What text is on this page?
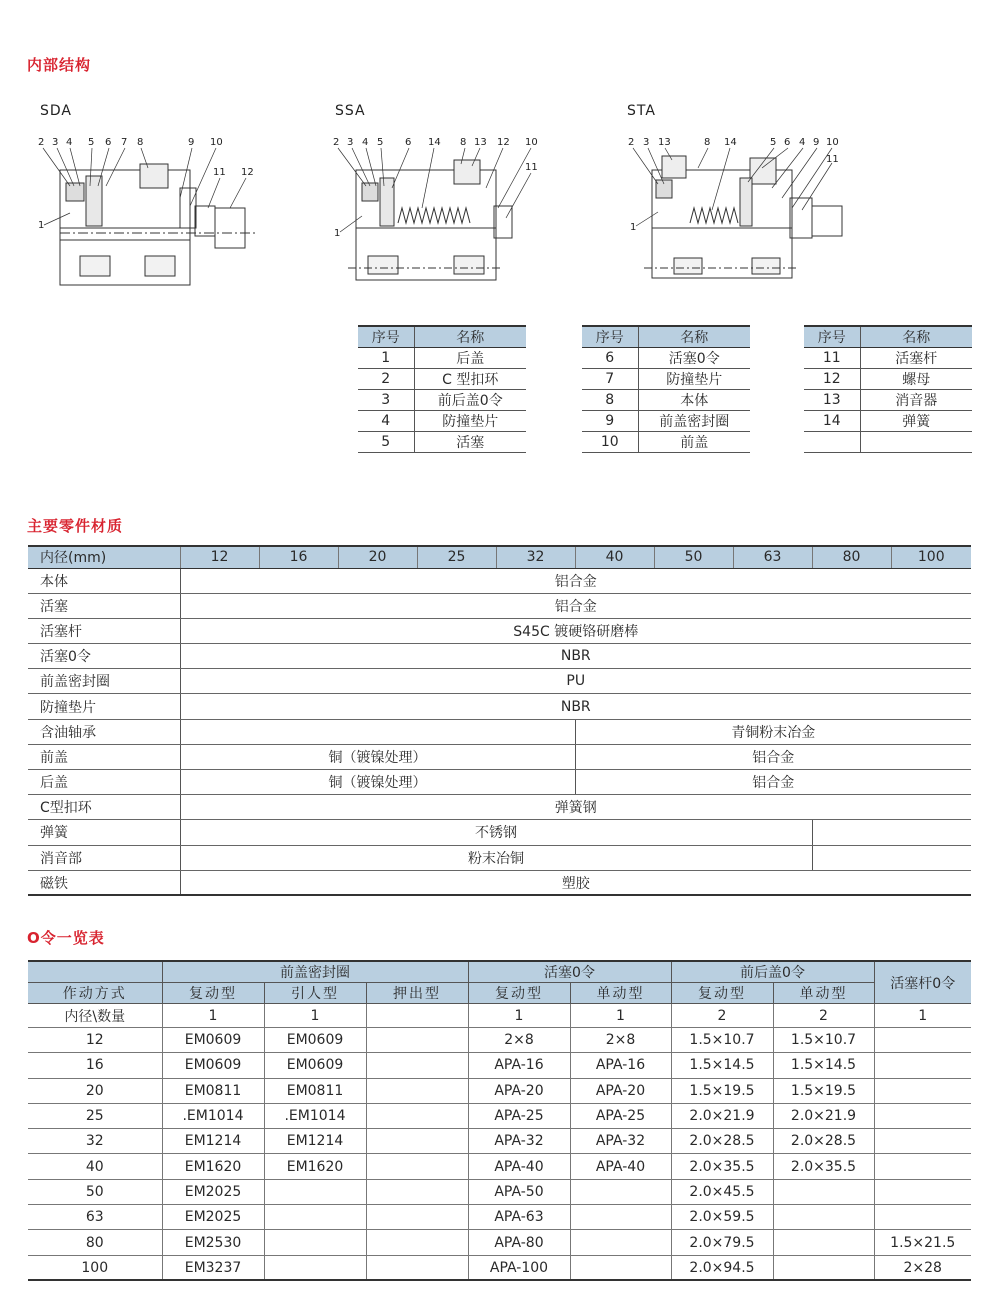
内部结构
SDA	SSA	STA
2 3 4 5 6 7 8	9 10
11 12
1
2 3 4 5 6 14 8 13 12 10
11
1
2 3 13	8 14	5 6 4 9 10
11
1
序号	名称
1	后盖
2	C 型扣环
3	前后盖0令
4	防撞垫片
5	活塞
序号	名称
6	活塞0令
7	防撞垫片
8	本体
9	前盖密封圈
10	前盖
序号	名称
11	活塞杆
12	螺母
13	消音器
14	弹簧

主要零件材质
内径(mm)	12	16	20	25	32	40	50	63	80	100
本体	铝合金									
活塞	铝合金									
活塞杆	S45C 镀硬铬研磨棒									
活塞0令	NBR									
前盖密封圈	PU									
防撞垫片	NBR									
含油轴承						青铜粉末冶金				
前盖	铜（镀镍处理）					铝合金				
后盖	铜（镀镍处理）					铝合金				
C型扣环	弹簧钢									
弹簧	不锈钢									
消音部	粉末冶铜									
磁铁	塑胶									
O令一览表
	前盖密封圈			活塞0令		前后盖0令		活塞杆0令
作动方式	复动型	引人型	押出型	复动型	单动型	复动型	单动型	
内径\数量	1	1		1	1	2	2	1
12	EM0609	EM0609		2×8	2×8	1.5×10.7	1.5×10.7	
16	EM0609	EM0609		APA-16	APA-16	1.5×14.5	1.5×14.5	
20	EM0811	EM0811		APA-20	APA-20	1.5×19.5	1.5×19.5	
25	.EM1014	.EM1014		APA-25	APA-25	2.0×21.9	2.0×21.9	
32	EM1214	EM1214		APA-32	APA-32	2.0×28.5	2.0×28.5	
40	EM1620	EM1620		APA-40	APA-40	2.0×35.5	2.0×35.5	
50	EM2025			APA-50		2.0×45.5		
63	EM2025			APA-63		2.0×59.5		
80	EM2530			APA-80		2.0×79.5		1.5×21.5
100	EM3237			APA-100		2.0×94.5		2×28
